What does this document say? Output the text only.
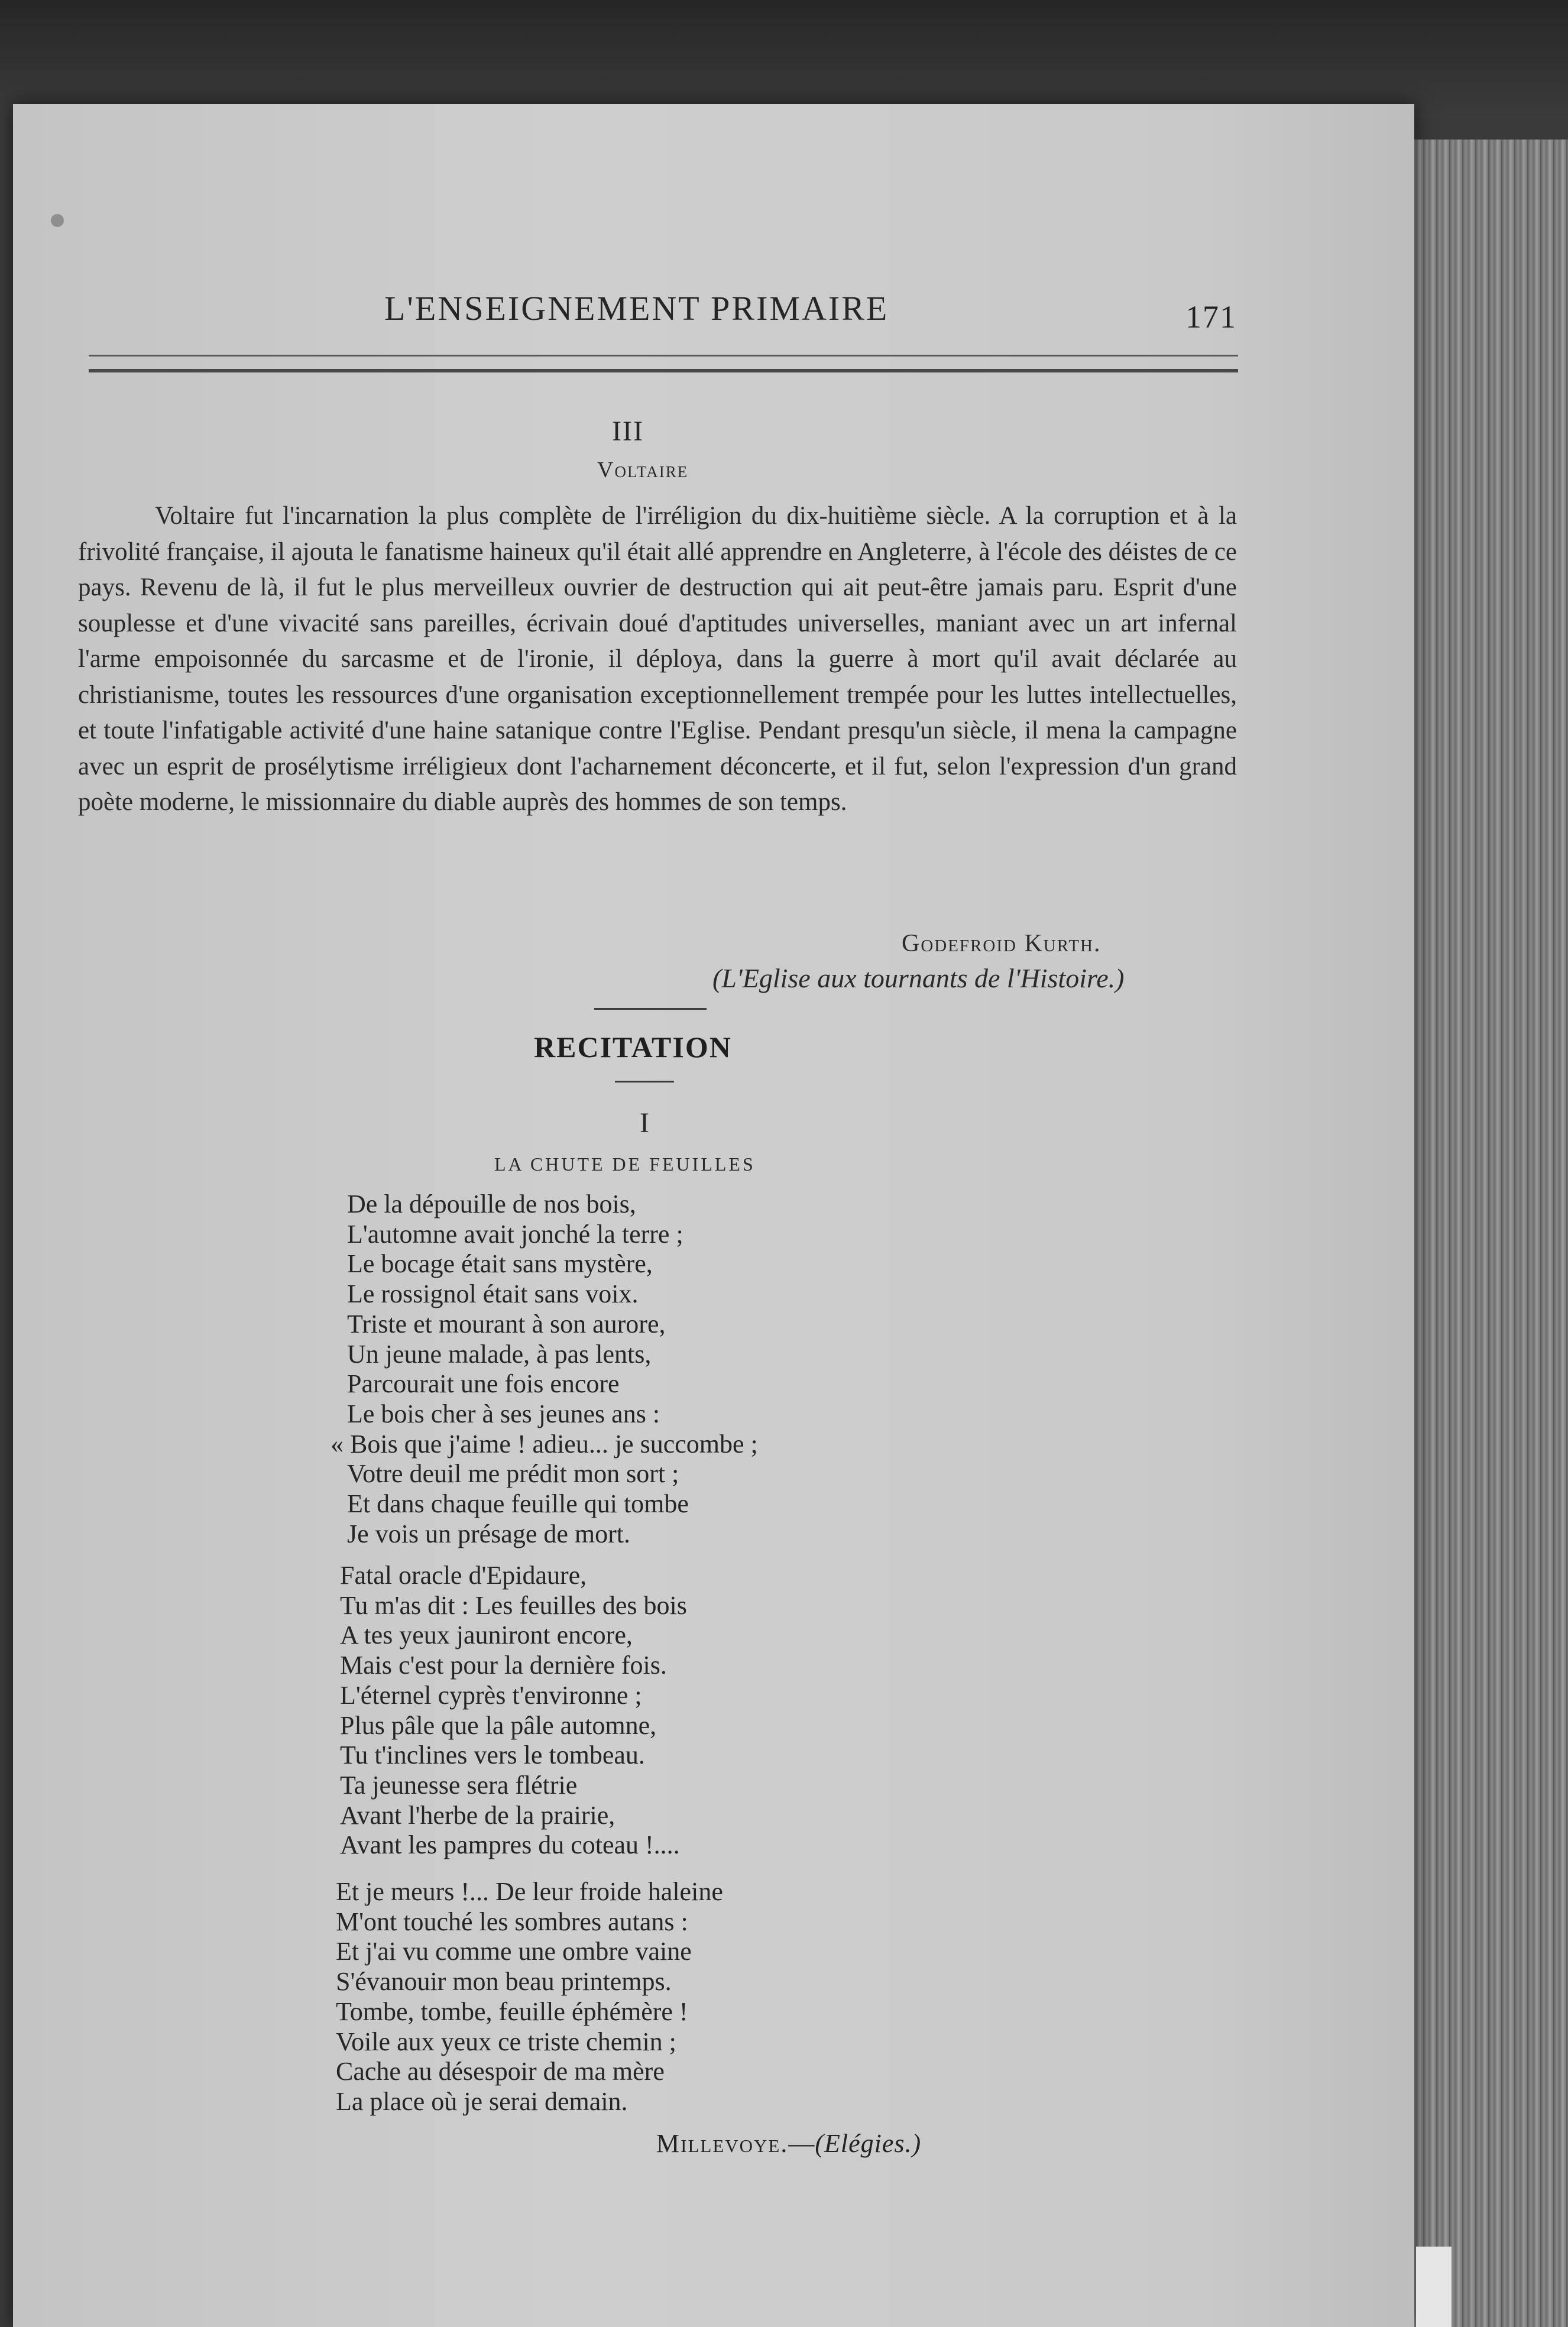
L'ENSEIGNEMENT PRIMAIRE	171
III
Voltaire
Voltaire fut l'incarnation la plus complète de l'irréligion du dix-huitième siècle. A la corruption et à la frivolité française, il ajouta le fanatisme haineux qu'il était allé apprendre en Angleterre, à l'école des déistes de ce pays. Revenu de là, il fut le plus merveilleux ouvrier de destruction qui ait peut-être jamais paru. Esprit d'une souplesse et d'une vivacité sans pareilles, écrivain doué d'aptitudes universelles, maniant avec un art infernal l'arme empoisonnée du sarcasme et de l'ironie, il déploya, dans la guerre à mort qu'il avait déclarée au christianisme, toutes les ressources d'une organisation exceptionnellement trempée pour les luttes intellectuelles, et toute l'infatigable activité d'une haine satanique contre l'Eglise. Pendant presqu'un siècle, il mena la campagne avec un esprit de prosélytisme irréligieux dont l'acharnement déconcerte, et il fut, selon l'expression d'un grand poète moderne, le missionnaire du diable auprès des hommes de son temps.
Godefroid Kurth.
(L'Eglise aux tournants de l'Histoire.)
RECITATION
I
LA CHUTE DE FEUILLES
De la dépouille de nos bois,
L'automne avait jonché la terre ;
Le bocage était sans mystère,
Le rossignol était sans voix.
Triste et mourant à son aurore,
Un jeune malade, à pas lents,
Parcourait une fois encore
Le bois cher à ses jeunes ans :
« Bois que j'aime ! adieu... je succombe ;
Votre deuil me prédit mon sort ;
Et dans chaque feuille qui tombe
Je vois un présage de mort.
Fatal oracle d'Epidaure,
Tu m'as dit : Les feuilles des bois
A tes yeux jauniront encore,
Mais c'est pour la dernière fois.
L'éternel cyprès t'environne ;
Plus pâle que la pâle automne,
Tu t'inclines vers le tombeau.
Ta jeunesse sera flétrie
Avant l'herbe de la prairie,
Avant les pampres du coteau !....
Et je meurs !... De leur froide haleine
M'ont touché les sombres autans :
Et j'ai vu comme une ombre vaine
S'évanouir mon beau printemps.
Tombe, tombe, feuille éphémère !
Voile aux yeux ce triste chemin ;
Cache au désespoir de ma mère
La place où je serai demain.
Millevoye.—(Elégies.)
